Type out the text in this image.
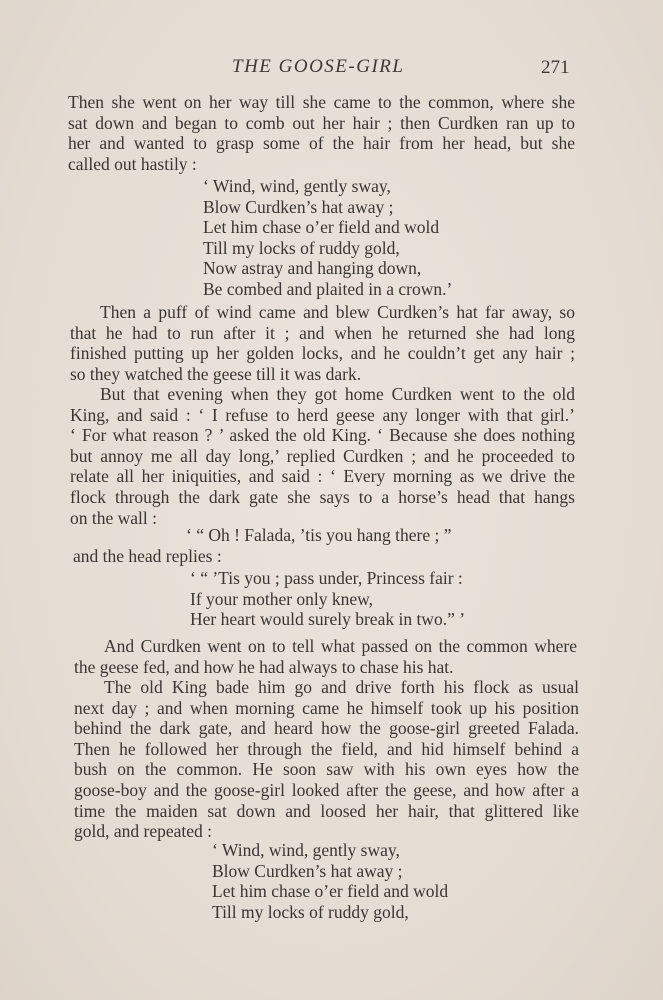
THE GOOSE-GIRL	271
Then she went on her way till she came to the common, where she
sat down and began to comb out her hair ; then Curdken ran up to
her and wanted to grasp some of the hair from her head, but she
called out hastily :
‘ Wind, wind, gently sway,
Blow Curdken’s hat away ;
Let him chase o’er field and wold
Till my locks of ruddy gold,
Now astray and hanging down,
Be combed and plaited in a crown.’
Then a puff of wind came and blew Curdken’s hat far away, so
that he had to run after it ; and when he returned she had long
finished putting up her golden locks, and he couldn’t get any hair ;
so they watched the geese till it was dark.
But that evening when they got home Curdken went to the old
King, and said : ‘ I refuse to herd geese any longer with that girl.’
‘ For what reason ? ’ asked the old King. ‘ Because she does nothing
but annoy me all day long,’ replied Curdken ; and he proceeded to
relate all her iniquities, and said : ‘ Every morning as we drive the
flock through the dark gate she says to a horse’s head that hangs
on the wall :
‘ “ Oh ! Falada, ’tis you hang there ; ”
and the head replies :
‘ “ ’Tis you ; pass under, Princess fair :
If your mother only knew,
Her heart would surely break in two.” ’
And Curdken went on to tell what passed on the common where
the geese fed, and how he had always to chase his hat.
The old King bade him go and drive forth his flock as usual
next day ; and when morning came he himself took up his position
behind the dark gate, and heard how the goose-girl greeted Falada.
Then he followed her through the field, and hid himself behind a
bush on the common. He soon saw with his own eyes how the
goose-boy and the goose-girl looked after the geese, and how after a
time the maiden sat down and loosed her hair, that glittered like
gold, and repeated :
‘ Wind, wind, gently sway,
Blow Curdken’s hat away ;
Let him chase o’er field and wold
Till my locks of ruddy gold,
